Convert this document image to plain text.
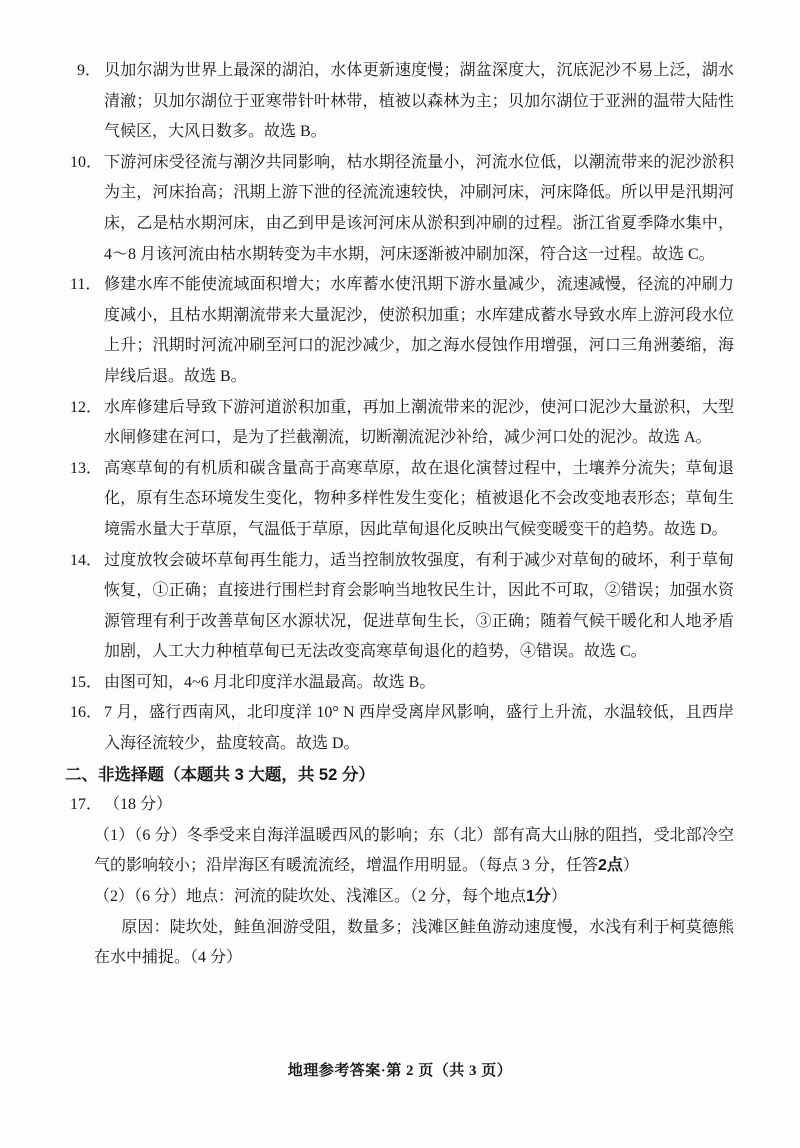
9． 贝加尔湖为世界上最深的湖泊，水体更新速度慢；湖盆深度大，沉底泥沙不易上泛，湖水清澈；贝加尔湖位于亚寒带针叶林带，植被以森林为主；贝加尔湖位于亚洲的温带大陆性气候区，大风日数多。故选 B。
10． 下游河床受径流与潮汐共同影响，枯水期径流量小，河流水位低，以潮流带来的泥沙淤积为主，河床抬高；汛期上游下泄的径流流速较快，冲刷河床，河床降低。所以甲是汛期河床，乙是枯水期河床，由乙到甲是该河河床从淤积到冲刷的过程。浙江省夏季降水集中，4～8 月该河流由枯水期转变为丰水期，河床逐渐被冲刷加深，符合这一过程。故选 C。
11． 修建水库不能使流域面积增大；水库蓄水使汛期下游水量减少，流速减慢，径流的冲刷力度减小，且枯水期潮流带来大量泥沙，使淤积加重；水库建成蓄水导致水库上游河段水位上升；汛期时河流冲刷至河口的泥沙减少，加之海水侵蚀作用增强，河口三角洲萎缩，海岸线后退。故选 B。
12． 水库修建后导致下游河道淤积加重，再加上潮流带来的泥沙，使河口泥沙大量淤积，大型水闸修建在河口，是为了拦截潮流，切断潮流泥沙补给，减少河口处的泥沙。故选 A。
13． 高寒草甸的有机质和碳含量高于高寒草原，故在退化演替过程中，土壤养分流失；草甸退化，原有生态环境发生变化，物种多样性发生变化；植被退化不会改变地表形态；草甸生境需水量大于草原，气温低于草原，因此草甸退化反映出气候变暖变干的趋势。故选 D。
14． 过度放牧会破坏草甸再生能力，适当控制放牧强度，有利于减少对草甸的破坏，利于草甸恢复，①正确；直接进行围栏封育会影响当地牧民生计，因此不可取，②错误；加强水资源管理有利于改善草甸区水源状况，促进草甸生长，③正确；随着气候干暖化和人地矛盾加剧，人工大力种植草甸已无法改变高寒草甸退化的趋势，④错误。故选 C。
15． 由图可知，4~6 月北印度洋水温最高。故选 B。
16． 7 月，盛行西南风，北印度洋 10° N 西岸受离岸风影响，盛行上升流，水温较低，且西岸入海径流较少，盐度较高。故选 D。
二、非选择题（本题共 3 大题，共 52 分）
17． （18 分）

（1）（6 分）冬季受来自海洋温暖西风的影响；东（北）部有高大山脉的阻挡，受北部冷空气的影响较小；沿岸海区有暖流流经，增温作用明显。（每点 3 分，任答2点）

（2）（6 分）地点：河流的陡坎处、浅滩区。（2 分，每个地点1分）

原因：陡坎处，鲑鱼洄游受阻，数量多；浅滩区鲑鱼游动速度慢，水浅有利于柯莫德熊在水中捕捉。（4 分）

地理参考答案·第 2 页（共 3 页）
